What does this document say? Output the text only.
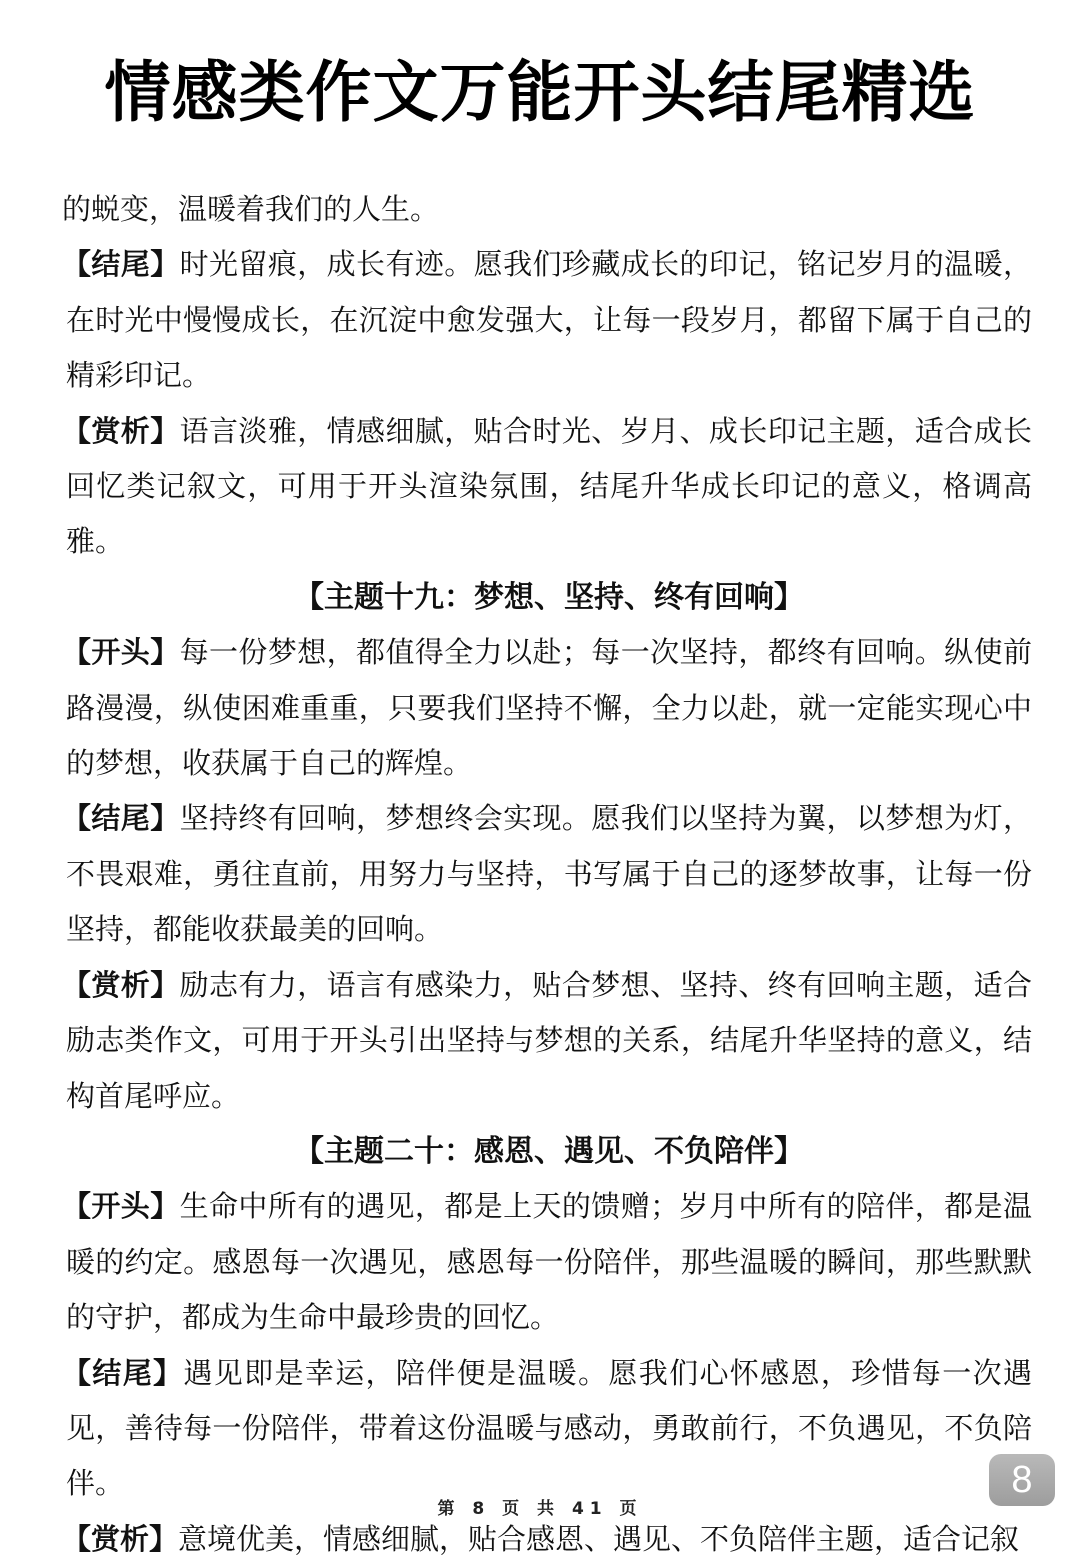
情感类作文万能开头结尾精选

的蜕变，温暖着我们的人生。

【结尾】时光留痕，成长有迹。愿我们珍藏成长的印记，铭记岁月的温暖，在时光中慢慢成长，在沉淀中愈发强大，让每一段岁月，都留下属于自己的精彩印记。

【赏析】语言淡雅，情感细腻，贴合时光、岁月、成长印记主题，适合成长回忆类记叙文，可用于开头渲染氛围，结尾升华成长印记的意义，格调高雅。

【主题十九：梦想、坚持、终有回响】

【开头】每一份梦想，都值得全力以赴；每一次坚持，都终有回响。纵使前路漫漫，纵使困难重重，只要我们坚持不懈，全力以赴，就一定能实现心中的梦想，收获属于自己的辉煌。

【结尾】坚持终有回响，梦想终会实现。愿我们以坚持为翼，以梦想为灯，不畏艰难，勇往直前，用努力与坚持，书写属于自己的逐梦故事，让每一份坚持，都能收获最美的回响。

【赏析】励志有力，语言有感染力，贴合梦想、坚持、终有回响主题，适合励志类作文，可用于开头引出坚持与梦想的关系，结尾升华坚持的意义，结构首尾呼应。

【主题二十：感恩、遇见、不负陪伴】

【开头】生命中所有的遇见，都是上天的馈赠；岁月中所有的陪伴，都是温暖的约定。感恩每一次遇见，感恩每一份陪伴，那些温暖的瞬间，那些默默的守护，都成为生命中最珍贵的回忆。

【结尾】遇见即是幸运，陪伴便是温暖。愿我们心怀感恩，珍惜每一次遇见，善待每一份陪伴，带着这份温暖与感动，勇敢前行，不负遇见，不负陪伴。

【赏析】意境优美，情感细腻，贴合感恩、遇见、不负陪伴主题，适合记叙

8
第 8 页 共 41 页
